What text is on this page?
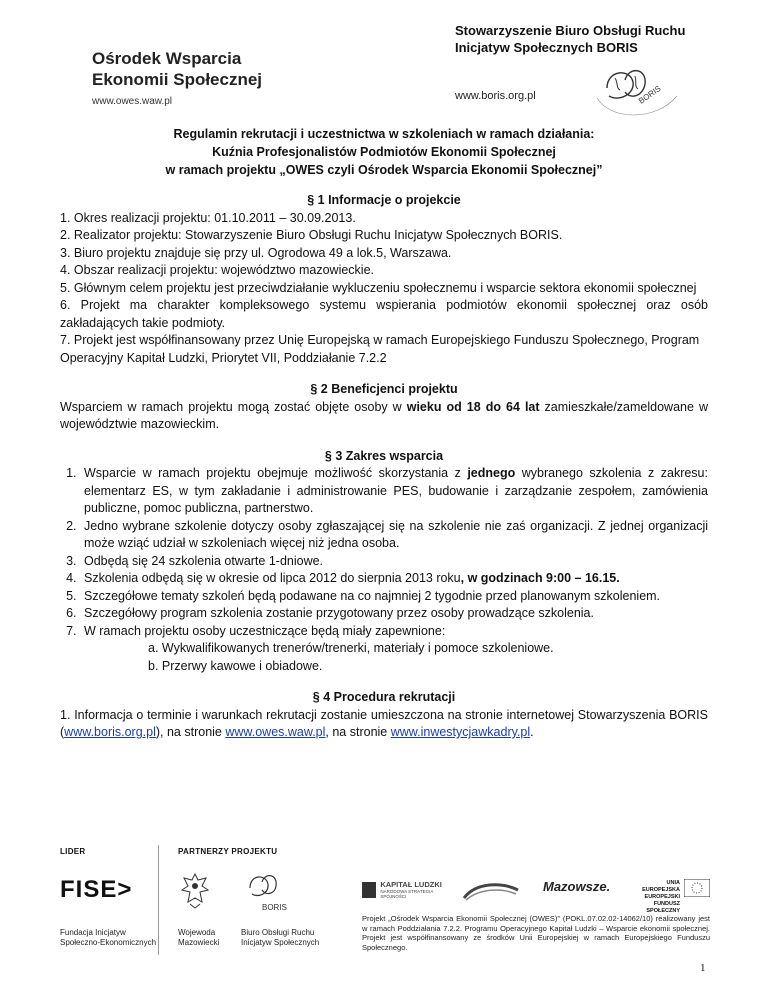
Stowarzyszenie Biuro Obsługi Ruchu
Inicjatyw Społecznych BORIS
Ośrodek Wsparcia
Ekonomii Społecznej
www.owes.waw.pl	www.boris.org.pl	BORIS
Regulamin rekrutacji i uczestnictwa w szkoleniach w ramach działania:
Kuźnia Profesjonalistów Podmiotów Ekonomii Społecznej
w ramach projektu „OWES czyli Ośrodek Wsparcia Ekonomii Społecznej”

§ 1 Informacje o projekcie

1. Okres realizacji projektu: 01.10.2011 – 30.09.2013.

2. Realizator projektu: Stowarzyszenie Biuro Obsługi Ruchu Inicjatyw Społecznych BORIS.

3. Biuro projektu znajduje się przy ul. Ogrodowa 49 a lok.5, Warszawa.

4. Obszar realizacji projektu: województwo mazowieckie.

5. Głównym celem projektu jest przeciwdziałanie wykluczeniu społecznemu i wsparcie sektora ekonomii społecznej

6. Projekt ma charakter kompleksowego systemu wspierania podmiotów ekonomii społecznej oraz osób zakładających takie podmioty.

7. Projekt jest współfinansowany przez Unię Europejską w ramach Europejskiego Funduszu Społecznego, Program Operacyjny Kapitał Ludzki, Priorytet VII, Poddziałanie 7.2.2

§ 2 Beneficjenci projektu

Wsparciem w ramach projektu mogą zostać objęte osoby w wieku od 18 do 64 lat zamieszkałe/zameldowane w województwie mazowieckim.

§ 3 Zakres wsparcia

1. Wsparcie w ramach projektu obejmuje możliwość skorzystania z jednego wybranego szkolenia z zakresu: elementarz ES, w tym zakładanie i administrowanie PES, budowanie i zarządzanie zespołem, zamówienia publiczne, pomoc publiczna, partnerstwo.
2. Jedno wybrane szkolenie dotyczy osoby zgłaszającej się na szkolenie nie zaś organizacji. Z jednej organizacji może wziąć udział w szkoleniach więcej niż jedna osoba.
3. Odbędą się 24 szkolenia otwarte 1-dniowe.
4. Szkolenia odbędą się w okresie od lipca 2012 do sierpnia 2013 roku, w godzinach 9:00 – 16.15.
5. Szczegółowe tematy szkoleń będą podawane na co najmniej 2 tygodnie przed planowanym szkoleniem.
6. Szczegółowy program szkolenia zostanie przygotowany przez osoby prowadzące szkolenia.
7. W ramach projektu osoby uczestniczące będą miały zapewnione:

a. Wykwalifikowanych trenerów/trenerki, materiały i pomoce szkoleniowe.

b. Przerwy kawowe i obiadowe.

§ 4 Procedura rekrutacji

1. Informacja o terminie i warunkach rekrutacji zostanie umieszczona na stronie internetowej Stowarzyszenia BORIS (www.boris.org.pl), na stronie www.owes.waw.pl, na stronie www.inwestycjawkadry.pl.

LIDER	PARTNERZY PROJEKTU
FISE>
Fundacja Inicjatyw
Społeczno-Ekonomicznych
Wojewoda
Mazowiecki
BORIS
Biuro Obsługi Ruchu
Inicjatyw Społecznych
KAPITAŁ LUDZKI
NARODOWA STRATEGIA SPÓJNOŚCI
Mazowsze.	UNIA EUROPEJSKA
EUROPEJSKI FUNDUSZ SPOŁECZNY
Projekt „Ośrodek Wsparcia Ekonomii Społecznej (OWES)” (POKL.07.02.02-14062/10) realizowany jest w ramach Poddziałania 7.2.2. Programu Operacyjnego Kapitał Ludzki – Wsparcie ekonomii społecznej. Projekt jest współfinansowany ze środków Unii Europejskiej w ramach Europejskiego Funduszu Społecznego.
1
